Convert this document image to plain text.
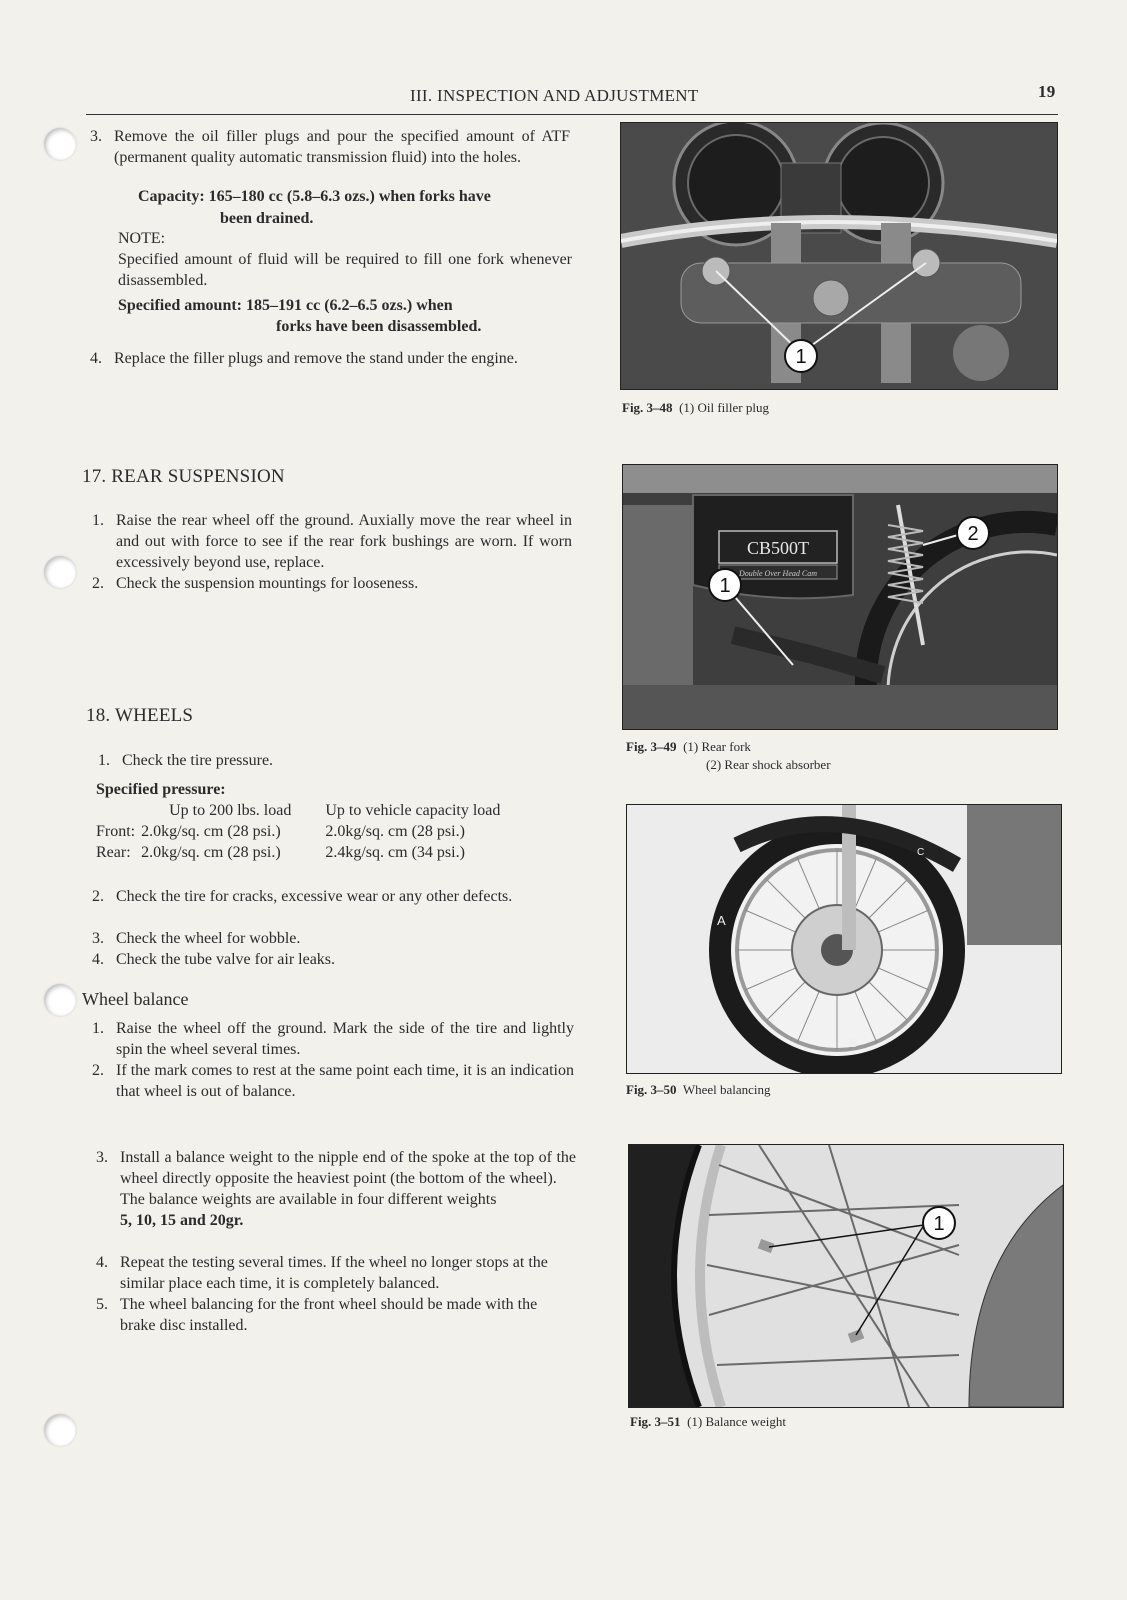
III. INSPECTION AND ADJUSTMENT	19
3. Remove the oil filler plugs and pour the specified amount of ATF (permanent quality automatic transmission fluid) into the holes.
Capacity: 165–180 cc (5.8–6.3 ozs.) when forks have
been drained.
NOTE:
Specified amount of fluid will be required to fill one fork whenever disassembled.
Specified amount: 185–191 cc (6.2–6.5 ozs.) when
forks have been disassembled.
4. Replace the filler plugs and remove the stand under the engine.
17. REAR SUSPENSION
1. Raise the rear wheel off the ground. Auxially move the rear wheel in and out with force to see if the rear fork bushings are worn. If worn excessively beyond use, replace.
2. Check the suspension mountings for looseness.
18. WHEELS
1. Check the tire pressure.
Specified pressure:
	Up to 200 lbs. load	Up to vehicle capacity load
Front:	2.0kg/sq. cm (28 psi.)	2.0kg/sq. cm (28 psi.)
Rear:	2.0kg/sq. cm (28 psi.)	2.4kg/sq. cm (34 psi.)
2. Check the tire for cracks, excessive wear or any other defects.
3. Check the wheel for wobble.
4. Check the tube valve for air leaks.
Wheel balance
1. Raise the wheel off the ground. Mark the side of the tire and lightly spin the wheel several times.
2. If the mark comes to rest at the same point each time, it is an indication that wheel is out of balance.
3. Install a balance weight to the nipple end of the spoke at the top of the wheel directly opposite the heaviest point (the bottom of the wheel).
The balance weights are available in four different weights
5, 10, 15 and 20gr.
4. Repeat the testing several times. If the wheel no longer stops at the similar place each time, it is completely balanced.
5. The wheel balancing for the front wheel should be made with the brake disc installed.
1
Fig. 3–48 (1) Oil filler plug
CB500T
Double Over Head Cam
1
2
Fig. 3–49 (1) Rear fork
(2) Rear shock absorber
A
B
C
Fig. 3–50 Wheel balancing
1
Fig. 3–51 (1) Balance weight
